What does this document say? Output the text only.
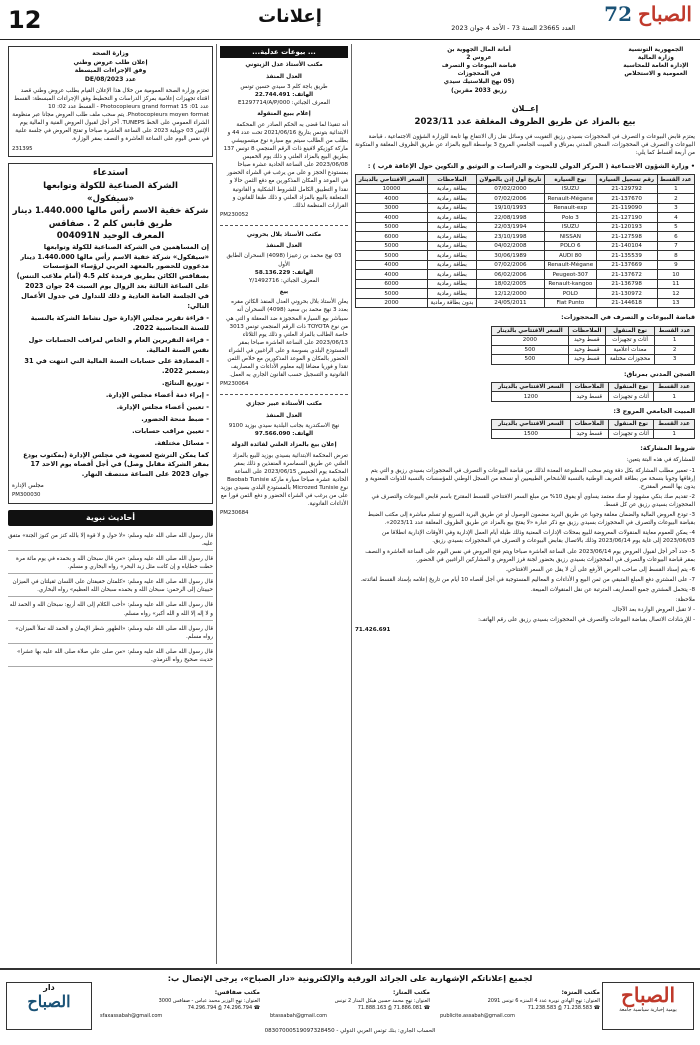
12	إعلانات
العدد 23665 السنة 73 - الأحد 4 جوان 2023
الصباح
72
الجمهورية التونسية
وزارة المالية
الإدارة العامة للمحاسبة العمومية و الاستخلاص
أمانة المال الجهوية بن عروس 2
قباضة البيوعات و التصرف في المحجوزات
(05 نهج البلاستيك سيدي رزيق 2033 مقرين)
إعــلان
بيع بالمزاد عن طريق الظروف المغلقة عدد 2023/11

يعتزم قابض البيوعات و التصرف في المحجوزات بسيدي رزيق التفويت في وسائل نقل زال الانتفاع بها تابعة للوزارة الشؤون الاجتماعية ، قباضة البيوعات و التصرف في المحجوزات، السجن المدني بمرناق و المبيت الجامعي المروج 3 بواسطة البيع بالمزاد عن طريق الظروف المغلقة و المتكونة من أربعة أقساط كما يلي:

• وزارة الشؤون الاجتماعية ( المركز الدولي للبحوث و الدراسات و التوثيق و التكوين حول الإعاقة قرب ) :
عدد القسط	رقم تسجيل السيارة	نوع السيارة	تاريخ أول إذن بالجولان	الملاحظات	السعر الافتتاحي بالدينار
1	21-129792	ISUZU	07/02/2000	بطاقة رمادية	10000
2	21-137670	Renault-Mégane	07/02/2006	بطاقة رمادية	4000
3	21-119090	Renault-exp	19/10/1993	بطاقة رمادية	3000
4	21-127190	Polo 3	22/08/1998	بطاقة رمادية	4000
5	21-120193	ISUZU	22/03/1994	بطاقة رمادية	5000
6	21-127598	NISSAN	23/10/1998	بطاقة رمادية	6000
7	21-140104	POLO 6	04/02/2008	بطاقة رمادية	5000
8	21-135539	AUDI 80	30/06/1989	بطاقة رمادية	5000
9	21-137669	Renault-Mégane	07/02/2006	بطاقة رمادية	4000
10	21-137672	Peugeot-307	06/02/2006	بطاقة رمادية	4000
11	21-136798	Renault-kangoo	18/02/2005	بطاقة رمادية	6000
12	21-130972	POLO	12/12/2000	بطاقة رمادية	5000
13	21-144618	Fiat Punto	24/05/2011	بدون بطاقة رمادية	2000
قباضة البيوعات و التصرف في المحجوزات:
عدد القسط	نوع المنقول	الملاحظات	السعر الافتتاحي بالدينار
1	أثاث و تجهيزات	قسط وحيد	2000
2	معدات اعلامية	قسط وحيد	500
3	محجوزات مختلفة	قسط وحيد	500
السجن المدني بمرناق:
عدد القسط	نوع المنقول	الملاحظات	السعر الافتتاحي بالدينار
1	أثاث و تجهيزات	قسط وحيد	1200
المبيت الجامعي المروج 3:
عدد القسط	نوع المنقول	الملاحظات	السعر الافتتاحي بالدينار
1	أثاث و تجهيزات	قسط وحيد	1500
شروط المشاركة:

للمشاركة في هذه البتة يتعين:

1- تعمير مطلب المشاركة بكل دقة ويتم سحب المطبوعة المعدة لذلك من قباضة البيوعات و التصرف في المحجوزات بسيدي رزيق و التي يتم إرفاقها وجوبا بنسخة من بطاقة التعريف الوطنية بالنسبة للأشخاص الطبيعيين أو نسخة من السجل الوطني للمؤسسات بالنسبة للذوات المعنوية و يدون بها السعر المقترح.

2- تقديم صك بنكي مشهود أو صك معتمد يساوي أو يفوق 10% من مبلغ السعر الافتتاحي للقسط المقترح باسم قابض البيوعات والتصرف في المحجوزات بسيدي رزيق عن كل قسط.

3- تودع العروض المالية والضمان مغلقة وجوبا عن طريق البريد مضمون الوصول أو عن طريق البريد السريع او تسلم مباشرة إلى مكتب الضبط بقباضة البيوعات والتصرف في المحجوزات بسيدي رزيق مع ذكر عبارة «لا يفتح بيع بالمزاد عن طريق الظروف المغلقة عدد 2023/11».

4- يمكن للعموم معاينة المنقولات المعروضة للبيع بمحلات الإدارات المعنية وذلك طيلة أيام العمل الإدارية وفي الأوقات الإدارية انطلاقا من 2023/06/03 إلى غاية يوم 2023/06/14 وذلك بالاتصال بقابض البيوعات و التصرف في المحجوزات بسيدي رزيق.

5- حدد آخر أجل لقبول العروض يوم 2023/06/14 على الساعة العاشرة صباحا ويتم فتح العروض في نفس اليوم على الساعة العاشرة و النصف بمقر قباضة البيوعات والتصرف في المحجوزات بسيدي رزيق بحضور لجنة فرز العروض و المشاركين الراغبين في الحضور.

6- يتم إسناد القسط إلى صاحب العرض الأرفع على أن لا يقل عن السعر الافتتاحي.

7- على المشتري دفع المبلغ المتبقي من ثمن البيع و الأداءات و المعاليم المستوجبة في أجل أقصاه 10 أيام من تاريخ إعلامه بإسناد القسط لفائدته.

8- يتحمل المشتري جميع المصاريف المترتبة عن نقل المنقولات المبيعة.

ملاحظة:

- لا تقبل العروض الواردة بعد الآجال.

- للإرشادات الاتصال بقباضة البيوعات والتصرف في المحجوزات بسيدي رزيق على رقم الهاتف:

71.426.691
... بيوعات عدلية...
مكتب الأستاذ عدل الزيتوني
العدل المنفذ
طريق باجة كلم 3 سيدي حسين تونس
الهاتف: 22.744.491
المعرف الجبائي: E1297714/A/P/000
إعلام ببيع المنقولة

أنه تنفيذا لما قضى به الحكم الصادر عن المحكمة الابتدائية بتونس بتاريخ 2021/06/16 تحت عدد 44 و بطلب من الطالب سيتم بيع سيارة نوع ميتسوبيشي ماركة كوزيكو لافينغ ذات الرقم المنجمي 8 تونس 137 بطريق البيع بالمزاد العلني و ذلك يوم الخميس 2023/06/08 على الساعة الحادية عشرة صباحا بمستودع الحجز و على من يرغب في الشراء الحضور في الموعد و المكان المذكورين مع دفع الثمن حالا و نقدا و التطبيق الكامل للشروط الشكلية و القانونية المتعلقة بالبيع بالمزاد العلني و ذلك طبقا للقانون و القرارات المنظمة لذلك.

PM230052
مكتب الأستاذ بلال بحروني
العدل المنفذ
03 نهج محمد بن زعيبزا (4098) السحران الطابق الأول
الهاتف: 58.136.229
المعرف الجبائي: Y/1492716
بيع

يعلن الأستاذ بلال بحروني العدل المنفذ الكائن مقره بعدد 3 نهج محمد بن سعيد (4098) السحران أنه سيباشر بيع السيارة المحجوزة ضد المعقلة و التي هي من نوع TOYOTA ذات الرقم المنجمي تونس 3013 خاصة الطالب بالمزاد العلني و ذلك يوم الثلاثاء 2023/06/13 على الساعة العاشرة صباحا بمقر المستودع البلدي بسوسة و على الراغبين في الشراء الحضور بالمكان و الموعد المذكورين مع خلاص الثمن نقدا و فوريا مضافا إليه معلوم الأداءات و المصاريف القانونية و التسجيل حسب القانون الجاري به العمل.

PM230064
مكتب الأستاذة عبير حجازي
العدل المنفذ
نهج الاسكندرية بجانب البلدية سيدي بوزيد 9100
الهاتف: 97.566.090
إعلان بيع بالمزاد العلني لفائدة الدولة

تعرض المحكمة الابتدائية بسيدي بوزيد للبيع بالمزاد العلني عن طريق السماسرة المنفذين و ذلك بمقر المحكمة يوم الخميس 2023/06/15 على الساعة الحادية عشرة صباحا سيارة ماركة Baobab Tunisie نوع Microzed Tunisie بالمستودع البلدي بسيدي بوزيد على من يرغب في الشراء الحضور و دفع الثمن فورا مع الأداءات القانونية.

PM230684
وزارة الصحة
إعلان طلب عروض وطني
وفق الإجراءات المبسطة
عدد 2023/DE/08

تعتزم وزارة الصحة العمومية من خلال هذا الإعلان القيام بطلب عروض وطني قصد اقتناء تجهيزات إعلامية بمركز الدراسات و التخطيط وفق الإجراءات المبسطة: القسط عدد 01: 15 Photocopieurs grand format - القسط عدد 02: 10 Photocopieurs moyen format. يتم سحب ملف طلب العروض مجانا عبر منظومة الشراء العمومي على الخط TUNEPS. آخر أجل لقبول العروض الفنية و المالية يوم الإثنين 03 جويلية 2023 على الساعة العاشرة صباحا و تفتح العروض في جلسة علنية في نفس اليوم على الساعة العاشرة و النصف بمقر الوزارة.

231395
استدعاء
الشركة الصناعية للكولة وتوابعها
«سيفكول»
شركة خفية الاسم رأس مالها 1.440.000 دينار
طريق قابس كلم 2 . صفاقس
المعرف الوحيد 004091N

إن المساهمين في الشركة الصناعية للكولة وتوابعها «سيفكول» شركة خفية الاسم رأس مالها 1.440.000 دينار مدعوون للحضور بالمعهد العربي لرؤساء المؤسسات بصفاقس الكائن بطريق قرمدة كلم 4.5 (أمام ملاعب التنس) على الساعة الثالثة بعد الزوال يوم السبت 24 جوان 2023 في الجلسة العامة العادية و ذلك للتداول في جدول الأعمال التالي:

- قراءة تقرير مجلس الإدارة حول نشاط الشركة بالنسبة للسنة المحاسبية 2022.

- قراءة التقريرين العام و الخاص لمراقب الحسابات حول نفس السنة المالية.

- المصادقة على حسابات السنة المالية التي انتهت في 31 ديسمبر 2022.

- توزيع النتائج.

- إبراء ذمة أعضاء مجلس الإدارة.

- تعيين أعضاء مجلس الإدارة.

- ضبط منحة الحضور.

- تعيين مراقب حسابات.

- مسائل مختلفة.

كما يمكن الترشح لعضوية في مجلس الإدارة (بمكتوب يودع بمقر الشركة مقابل وصل) في أجل أقصاه يوم الاحد 17 جوان 2023 على الساعة منتصف النهار.

مجلس الإدارة
PM300030
أحاديث نبوية

قال رسول الله صلى الله عليه وسلم: «لا حول و لا قوة إلا بالله كنز من كنوز الجنة» متفق عليه.

قال رسول الله صلى الله عليه وسلم: «من قال سبحان الله و بحمده في يوم مائة مرة حطت خطاياه و إن كانت مثل زبد البحر» رواه البخاري و مسلم.

قال رسول الله صلى الله عليه وسلم: «كلمتان خفيفتان على اللسان ثقيلتان في الميزان حبيبتان إلى الرحمن: سبحان الله و بحمده سبحان الله العظيم» رواه البخاري.

قال رسول الله صلى الله عليه وسلم: «أحب الكلام إلى الله أربع: سبحان الله و الحمد لله و لا إله إلا الله و الله أكبر» رواه مسلم.

قال رسول الله صلى الله عليه وسلم: «الطهور شطر الإيمان و الحمد لله تملأ الميزان» رواه مسلم.

قال رسول الله صلى الله عليه وسلم: «من صلى علي صلاة صلى الله عليه بها عشرا» حديث صحيح رواه الترمذي.

لجميع إعلاناتكم الإشهارية على الجرائد الورقية والإلكترونية «دار الصباح»، يرجى الإتصال ب:
الصباح
يومية إخبارية سياسية جامعة
دار
الصباح	مكتب المنزه:
العنوان: نهج الهادي نويرة عدد 4 المنزه 6 تونس 2091
☎ 71.238.583 ⎙ 71.238.583
publicite.assabah@gmail.com
مكتب المنار:
العنوان: نهج محمد حسين هيكل المنار 2 تونس
☎ 71.886.081 ⎙ 71.888.163
btassabah@gmail.com
مكتب صفاقس:
العنوان: نهج الوزير محمد عباس - صفاقس 3000
☎ 74.296.794 ⎙ 74.296.794
sfaxassabah@gmail.com
الحساب الجاري: بنك تونس العربي الدولي - 08307000519097328450
